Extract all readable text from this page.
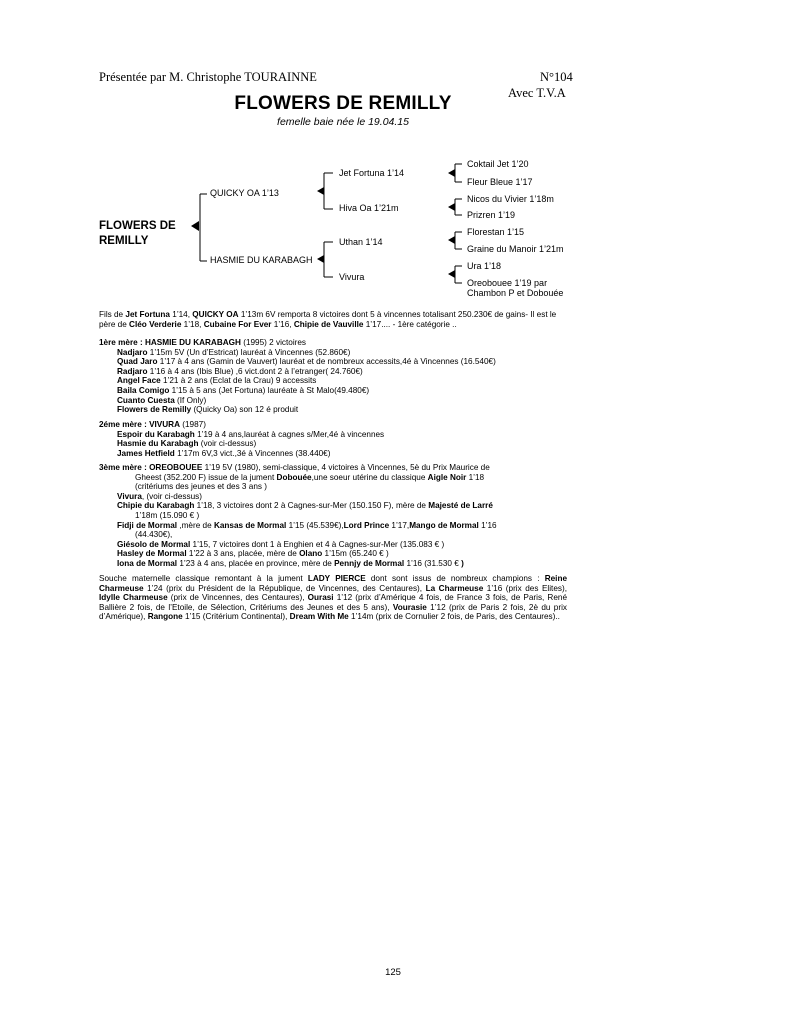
Présentée par M. Christophe TOURAINNE	N°104
Avec T.V.A
FLOWERS DE REMILLY
femelle baie née le 19.04.15
FLOWERS DE
REMILLY
QUICKY OA 1’13
HASMIE DU KARABAGH
Jet Fortuna 1’14
Hiva Oa 1’21m
Uthan 1’14
Vivura
Coktail Jet 1’20
Fleur Bleue 1’17
Nicos du Vivier 1’18m
Prizren 1’19
Florestan 1’15
Graine du Manoir 1’21m
Ura 1’18
Oreobouee 1’19 par
Chambon P et Dobouée
Fils de Jet Fortuna 1’14, QUICKY OA 1’13m 6V remporta 8 victoires dont 5 à vincennes totalisant 250.230€ de gains- Il est le père de Cléo Verderie 1’18, Cubaine For Ever 1’16, Chipie de Vauville 1’17.... - 1ère catégorie ..
1ère mère : HASMIE DU KARABAGH (1995) 2 victoires
Nadjaro 1’15m 5V (Un d’Estricat) lauréat à Vincennes (52.860€)
Quad Jaro 1’17 à 4 ans (Gamin de Vauvert) lauréat et de nombreux accessits,4é à Vincennes (16.540€)
Radjaro 1’16 à 4 ans (Ibis Blue) ,6 vict.dont 2 à l’etranger( 24.760€)
Angel Face 1’21 à 2 ans (Eclat de la Crau) 9 accessits
Baila Comigo 1’15 à 5 ans (Jet Fortuna) lauréate à St Malo(49.480€)
Cuanto Cuesta (If Only)
Flowers de Remilly (Quicky Oa) son 12 é produit
2éme mère : VIVURA (1987)
Espoir du Karabagh 1’19 à 4 ans,lauréat à cagnes s/Mer,4é à vincennes
Hasmie du Karabagh (voir ci-dessus)
James Hetfield 1’17m 6V,3 vict.,3é à Vincennes (38.440€)
3ème mère : OREOBOUEE 1’19 5V (1980), semi-classique, 4 victoires à Vincennes, 5è du Prix Maurice de
Gheest (352.200 F) issue de la jument Dobouée,une soeur utérine du classique Aigle Noir 1’18
(critériums des jeunes et des 3 ans )
Vivura, (voir ci-dessus)
Chipie du Karabagh 1’18, 3 victoires dont 2 à Cagnes-sur-Mer (150.150 F), mère de Majesté de Larré
1’18m (15.090 € )
Fidji de Mormal ,mère de Kansas de Mormal 1’15 (45.539€),Lord Prince 1’17,Mango de Mormal 1’16
(44.430€),
Giésolo de Mormal 1’15, 7 victoires dont 1 à Enghien et 4 à Cagnes-sur-Mer (135.083 € )
Hasley de Mormal 1’22 à 3 ans, placée, mère de Olano 1’15m (65.240 € )
Iona de Mormal 1’23 à 4 ans, placée en province, mère de Pennjy de Mormal 1’16 (31.530 € )
Souche maternelle classique remontant à la jument LADY PIERCE dont sont issus de nombreux champions : Reine Charmeuse 1’24 (prix du Président de la République, de Vincennes, des Centaures), La Charmeuse 1’16 (prix des Elites), Idylle Charmeuse (prix de Vincennes, des Centaures), Ourasi 1’12 (prix d’Amérique 4 fois, de France 3 fois, de Paris, René Ballière 2 fois, de l’Etoile, de Sélection, Critériums des Jeunes et des 5 ans), Vourasie 1’12 (prix de Paris 2 fois, 2è du prix d’Amérique), Rangone 1’15 (Critérium Continental), Dream With Me 1’14m (prix de Cornulier 2 fois, de Paris, des Centaures)..
125
